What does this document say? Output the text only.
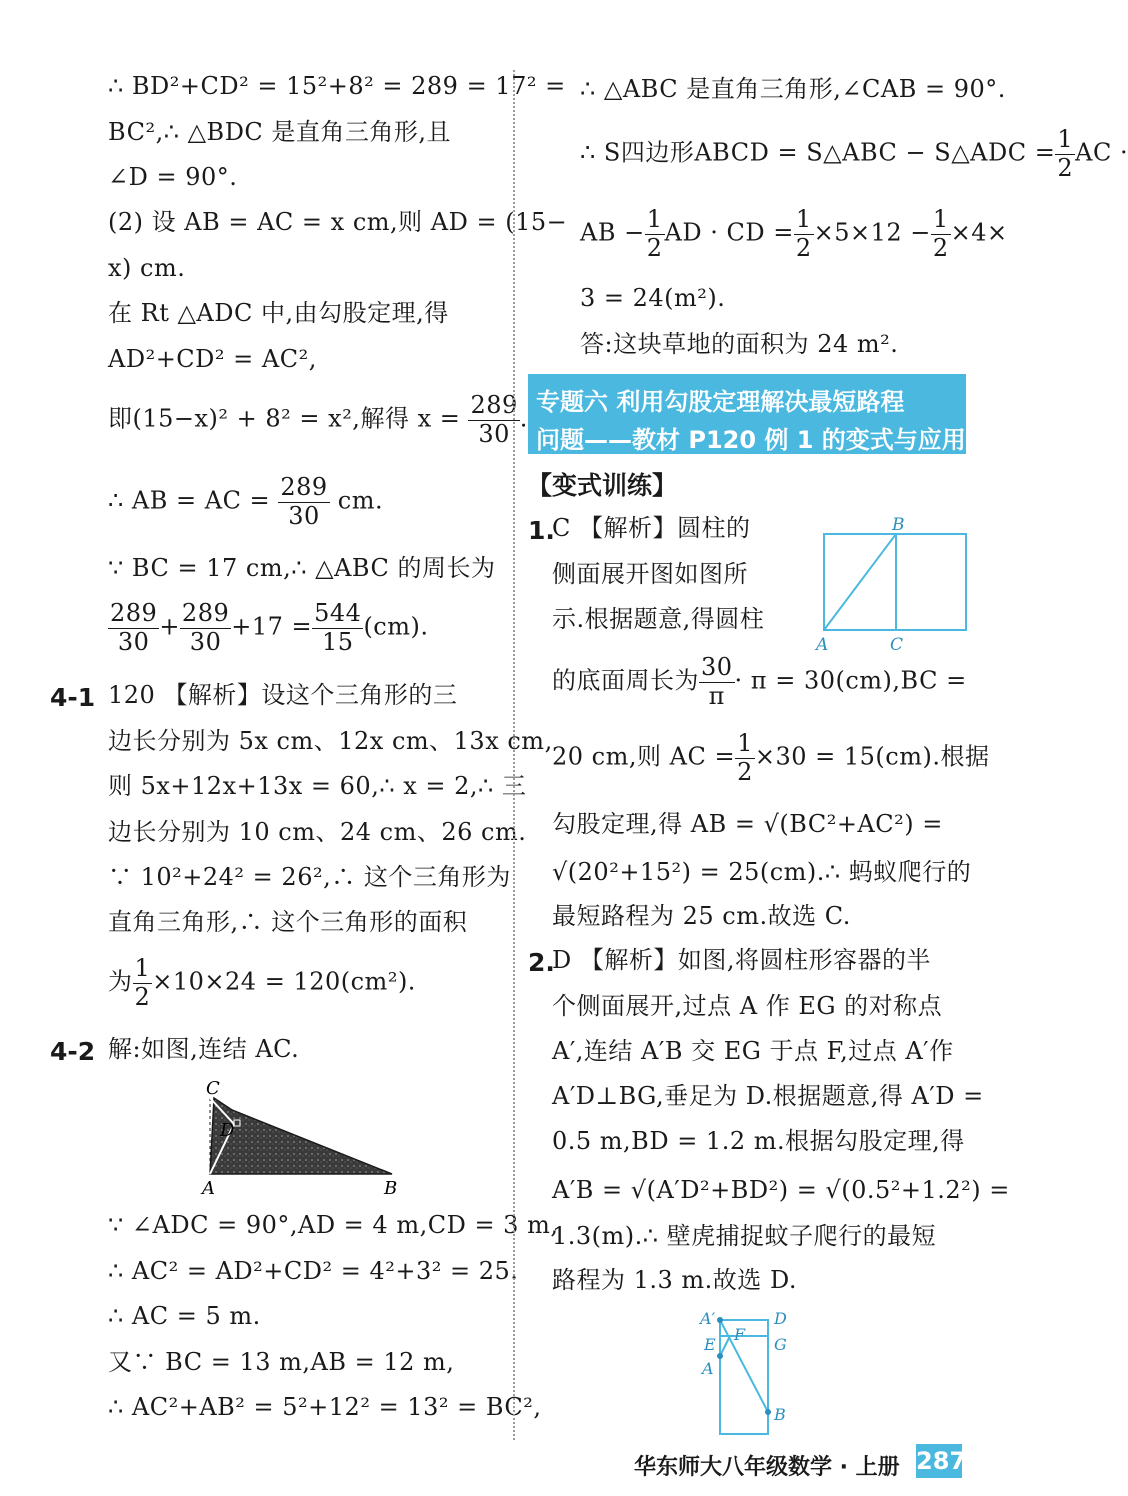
∴ BD²+CD² = 15²+8² = 289 = 17² =
BC²,∴ △BDC 是直角三角形,且
∠D = 90°.
(2) 设 AB = AC = x cm,则 AD = (15−
x) cm.
在 Rt △ADC 中,由勾股定理,得
AD²+CD² = AC²,
即(15−x)² + 8² = x²,解得 $x = \frac{289}{30}$ .
∴ AB = AC = $\frac{289}{30}$ cm.
∵ BC = 17 cm,∴ △ABC 的周长为
$\frac{289}{30} + \frac{289}{30} +17 = \frac{544}{15} (cm)$.
4-1 120 【解析】设这个三角形的三
边长分别为 5x cm、12x cm、13x cm,
则 5x+12x+13x = 60,∴ x = 2,∴ 三
边长分别为 10 cm、24 cm、26 cm.
∵ 10²+24² = 26²,∴ 这个三角形为
直角三角形,∴ 这个三角形的面积
为 $\frac{1}{2} \times 10\times 24 = 120(cm^2)$.
4-2 解:如图,连结 AC.
C
D
A	B
∵ ∠ADC = 90°,AD = 4 m,CD = 3 m,
∴ AC² = AD²+CD² = 4²+3² = 25.
∴ AC = 5 m.
又∵ BC = 13 m,AB = 12 m,
∴ AC²+AB² = 5²+12² = 13² = BC²,
∴ △ABC 是直角三角形,∠CAB = 90°.
∴ S四边形ABCD = S△ABC − S△ADC = $\frac{1}{2}$ AC ·
AB − $\frac{1}{2}$ AD · CD = $\frac{1}{2} \times 5\times 12 - \frac{1}{2} \times 4\times$
3 = 24(m²).
答:这块草地的面积为 24 m².
专题六 利用勾股定理解决最短路程
问题——教材 P120 例 1 的变式与应用
【变式训练】
1.
C 【解析】圆柱的
侧面展开图如图所
示.根据题意,得圆柱
B
A	C
的底面周长为 $\frac{30}{\pi} \cdot \pi = 30(cm),BC$ =
20 cm,则 AC = $\frac{1}{2} \times 30 = 15(cm)$.根据
勾股定理,得 AB = √(BC²+AC²) =
√(20²+15²) = 25(cm).∴ 蚂蚁爬行的
最短路程为 25 cm.故选 C.
2.
D 【解析】如图,将圆柱形容器的半
个侧面展开,过点 A 作 EG 的对称点
A′,连结 A′B 交 EG 于点 F,过点 A′作
A′D⊥BG,垂足为 D.根据题意,得 A′D =
0.5 m,BD = 1.2 m.根据勾股定理,得
A′B = √(A′D²+BD²) = √(0.5²+1.2²) =
1.3(m).∴ 壁虎捕捉蚊子爬行的最短
路程为 1.3 m.故选 D.
A′	D
E
F
G
A
B
华东师大八年级数学 · 上册 287
